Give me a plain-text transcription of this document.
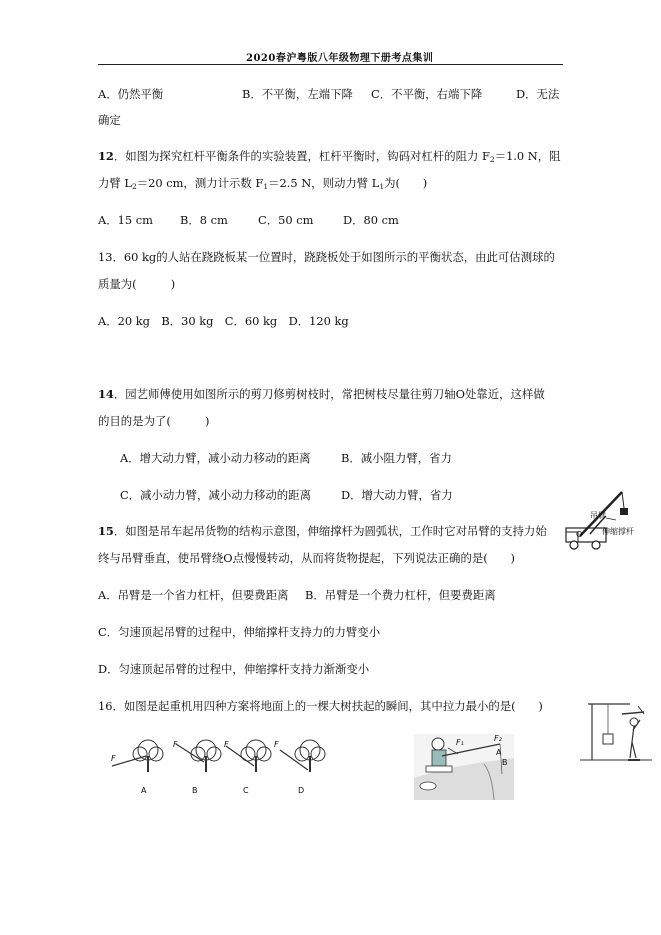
2020春沪粤版八年级物理下册考点集训
A．仍然平衡	B．不平衡，左端下降 C．不平衡，右端下降	D．无法
确定
12．如图为探究杠杆平衡条件的实验装置，杠杆平衡时，钩码对杠杆的阻力 $F_2=1.0$ N，阻
力臂 $L_2=20$ cm，测力计示数 $F_1=2.5$ N，则动力臂 $L_1$为(　　)
A．15 cm B．8 cm	C．50 cm	D．80 cm
13．60 kg的人站在跷跷板某一位置时，跷跷板处于如图所示的平衡状态，由此可估测球的
质量为(　　　)
A．20 kg　B．30 kg　C．60 kg　D．120 kg
14．园艺师傅使用如图所示的剪刀修剪树枝时，常把树枝尽量往剪刀轴O处靠近，这样做
的目的是为了(　　　)
A．增大动力臂，减小动力移动的距离	B．减小阻力臂，省力
C．减小动力臂，减小动力移动的距离	D．增大动力臂，省力
15．如图是吊车起吊货物的结构示意图，伸缩撑杆为圆弧状，工作时它对吊臂的支持力始
终与吊臂垂直，使吊臂绕O点慢慢转动，从而将货物提起，下列说法正确的是(　　)
A．吊臂是一个省力杠杆，但要费距离 B．吊臂是一个费力杠杆，但要费距离
C．匀速顶起吊臂的过程中，伸缩撑杆支持力的力臂变小
D．匀速顶起吊臂的过程中，伸缩撑杆支持力渐渐变小
16．如图是起重机用四种方案将地面上的一棵大树扶起的瞬间，其中拉力最小的是(　　)
吊臂
伸缩撑杆
O
F
F	F	F
A	B	C	D
F₁	F₂
A
B
